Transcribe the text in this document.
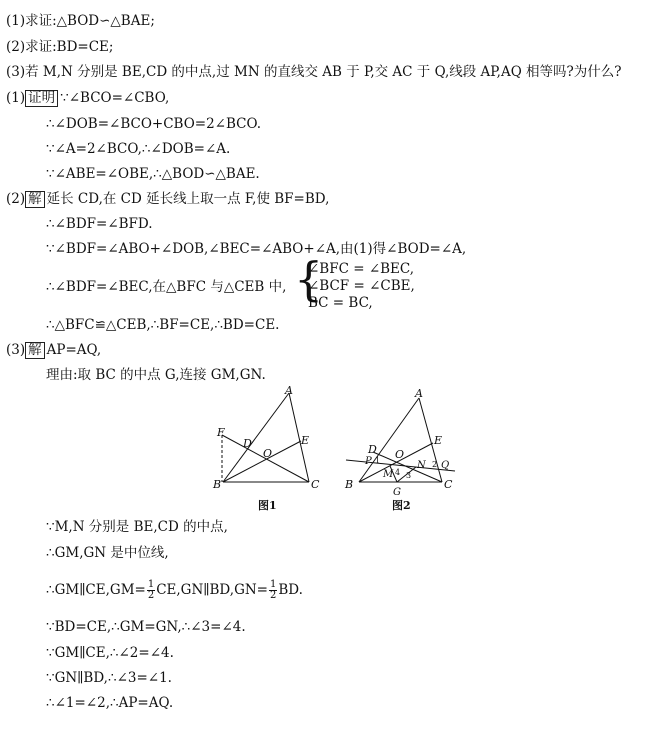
(1)求证:△BOD∽△BAE;
(2)求证:BD=CE;
(3)若 M,N 分别是 BE,CD 的中点,过 MN 的直线交 AB 于 P,交 AC 于 Q,线段 AP,AQ 相等吗?为什么?
(1) 证明 ∵∠BCO=∠CBO,
∴∠DOB=∠BCO+CBO=2∠BCO.
∵∠A=2∠BCO,∴∠DOB=∠A.
∵∠ABE=∠OBE,∴△BOD∽△BAE.
(2) 解 延长 CD,在 CD 延长线上取一点 F,使 BF=BD,
∴∠BDF=∠BFD.
∵∠BDF=∠ABO+∠DOB,∠BEC=∠ABO+∠A,由(1)得∠BOD=∠A,
∴∠BDF=∠BEC,在△BFC 与△CEB 中, {
∠BFC = ∠BEC,
∠BCF = ∠CBE,
BC = BC,
∴△BFC≌△CEB,∴BF=CE,∴BD=CE.
(3) 解 AP=AQ,
理由:取 BC 的中点 G,连接 GM,GN.
A
B	C
D	E
F
O
A
B	C
D
E
O
P	Q
M
N
G
1	2
3
4
图1	图2
∵M,N 分别是 BE,CD 的中点,
∴GM,GN 是中位线,
∴GM∥CE,GM= $\frac{1}{2}$ CE,GN∥BD,GN= $\frac{1}{2}$ BD.
∵BD=CE,∴GM=GN,∴∠3=∠4.
∵GM∥CE,∴∠2=∠4.
∵GN∥BD,∴∠3=∠1.
∴∠1=∠2,∴AP=AQ.
